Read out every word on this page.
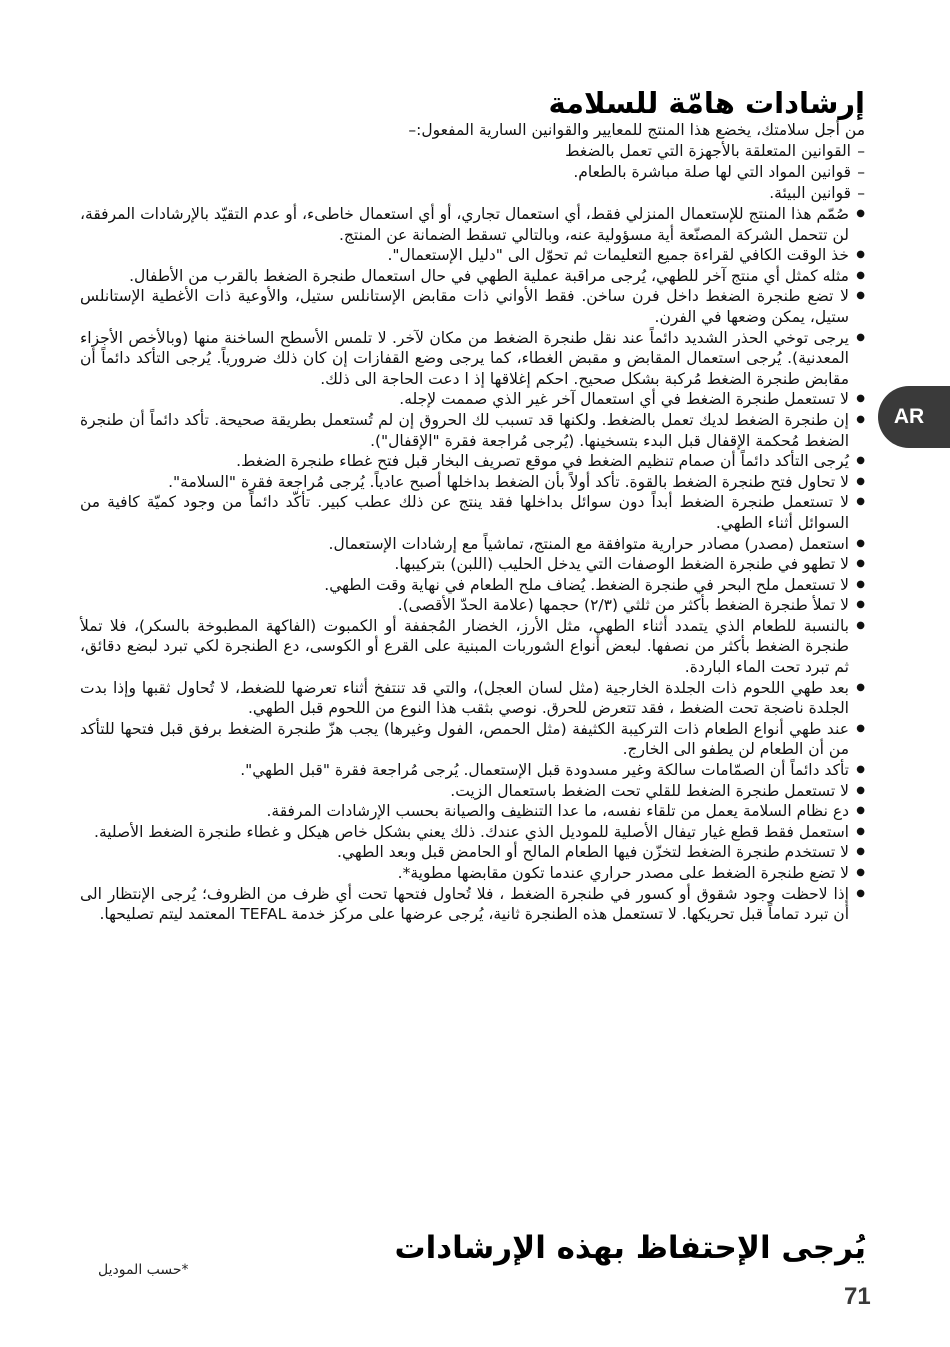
إرشادات هامّة للسلامة

من أجل سلامتك، يخضع هذا المنتج للمعايير والقوانين السارية المفعول:–

– القوانين المتعلقة بالأجهزة التي تعمل بالضغط
– قوانين المواد التي لها صلة مباشرة بالطعام.
– قوانين البيئة.
● صُمّم هذا المنتج للإستعمال المنزلي فقط، أي استعمال تجاري، أو أي استعمال خاطىء، أو عدم التقيّد بالإرشادات المرفقة، لن تتحمل الشركة المصنّعة أية مسؤولية عنه، وبالتالي تسقط الضمانة عن المنتج.
● خذ الوقت الكافي لقراءة جميع التعليمات ثم تحوّل الى "دليل الإستعمال".
● مثله كمثل أي منتج آخر للطهي، يُرجى مراقبة عملية الطهي في حال استعمال طنجرة الضغط بالقرب من الأطفال.
● لا تضع طنجرة الضغط داخل فرن ساخن. فقط الأواني ذات مقابض الإستانلس ستيل، والأوعية ذات الأغطية الإستانلس ستيل، يمكن وضعها في الفرن.
● يرجى توخي الحذر الشديد دائماً عند نقل طنجرة الضغط من مكان لآخر. لا تلمس الأسطح الساخنة منها (وبالأخص الأجزاء المعدنية). يُرجى استعمال المقابض و مقبض الغطاء، كما يرجى وضع القفازات إن كان ذلك ضرورياً. يُرجى التأكد دائماً أن مقابض طنجرة الضغط مُركبة بشكل صحيح. احكم إغلاقها إذ ا دعت الحاجة الى ذلك.
● لا تستعمل طنجرة الضغط في أي استعمال آخر غير الذي صممت لإجله.
● إن طنجرة الضغط لديك تعمل بالضغط. ولكنها قد تسبب لك الحروق إن لم تُستعمل بطريقة صحيحة. تأكد دائماً أن طنجرة الضغط مُحكمة الإقفال قبل البدء بتسخينها. (يُرجى مُراجعة فقرة "الإقفال").
● يُرجى التأكد دائماً أن صمام تنظيم الضغط في موقع تصريف البخار قبل فتح غطاء طنجرة الضغط.
● لا تحاول فتح طنجرة الضغط بالقوة. تأكد أولاً بأن الضغط بداخلها أصبح عادياً. يُرجى مُراجعة فقرة "السلامة".
● لا تستعمل طنجرة الضغط أبداً دون سوائل بداخلها فقد ينتج عن ذلك عطب كبير. تأكّد دائماً من وجود كميّة كافية من السوائل أثناء الطهي.
● استعمل (مصدر) مصادر حرارية متوافقة مع المنتج، تماشياً مع إرشادات الإستعمال.
● لا تطهو في طنجرة الضغط الوصفات التي يدخل الحليب (اللبن) بتركيبها.
● لا تستعمل ملح البحر في طنجرة الضغط. يُضاف ملح الطعام في نهاية وقت الطهي.
● لا تملأ طنجرة الضغط بأكثر من ثلثي (٢/٣) حجمها (علامة الحدّ الأقصى).
● بالنسبة للطعام الذي يتمدد أثناء الطهي، مثل الأرز، الخضار المُجففة أو الكمبوت (الفاكهة المطبوخة بالسكر)، فلا تملأ طنجرة الضغط بأكثر من نصفها. لبعض أنواع الشوربات المبنية على القرع أو الكوسى، دع الطنجرة لكي تبرد لبضع دقائق، ثم تبرد تحت الماء الباردة.
● بعد طهي اللحوم ذات الجلدة الخارجية (مثل لسان العجل)، والتي قد تنتفخ أثناء تعرضها للضغط، لا تُحاول ثقبها وإذا بدت الجلدة ناضجة تحت الضغط ، فقد تتعرض للحرق. نوصي بثقب هذا النوع من اللحوم قبل الطهي.
● عند طهي أنواع الطعام ذات التركيبة الكثيفة (مثل الحمص، الفول وغيرها) يجب هزّ طنجرة الضغط برفق قبل فتحها للتأكد من أن الطعام لن يطفو الى الخارج.
● تأكد دائماً أن الصمّامات سالكة وغير مسدودة قبل الإستعمال. يُرجى مُراجعة فقرة "قبل الطهي".
● لا تستعمل طنجرة الضغط للقلي تحت الضغط باستعمال الزيت.
● دع نظام السلامة يعمل من تلقاء نفسه، ما عدا التنظيف والصيانة بحسب الإرشادات المرفقة.
● استعمل فقط قطع غيار تيفال الأصلية للموديل الذي عندك. ذلك يعني بشكل خاص هيكل و غطاء طنجرة الضغط الأصلية.
● لا تستخدم طنجرة الضغط لتخزّن فيها الطعام المالح أو الحامض قبل وبعد الطهي.
● لا تضع طنجرة الضغط على مصدر حراري عندما تكون مقابضها مطوية*.
● إذا لاحظت وجود شقوق أو كسور في طنجرة الضغط ، فلا تُحاول فتحها تحت أي ظرف من الظروف؛ يُرجى الإنتظار الى أن تبرد تماماً قبل تحريكها. لا تستعمل هذه الطنجرة ثانية، يُرجى عرضها على مركز خدمة TEFAL المعتمد ليتم تصليحها.
يُرجى الإحتفاظ بهذه الإرشادات
*حسب الموديل
71
AR
